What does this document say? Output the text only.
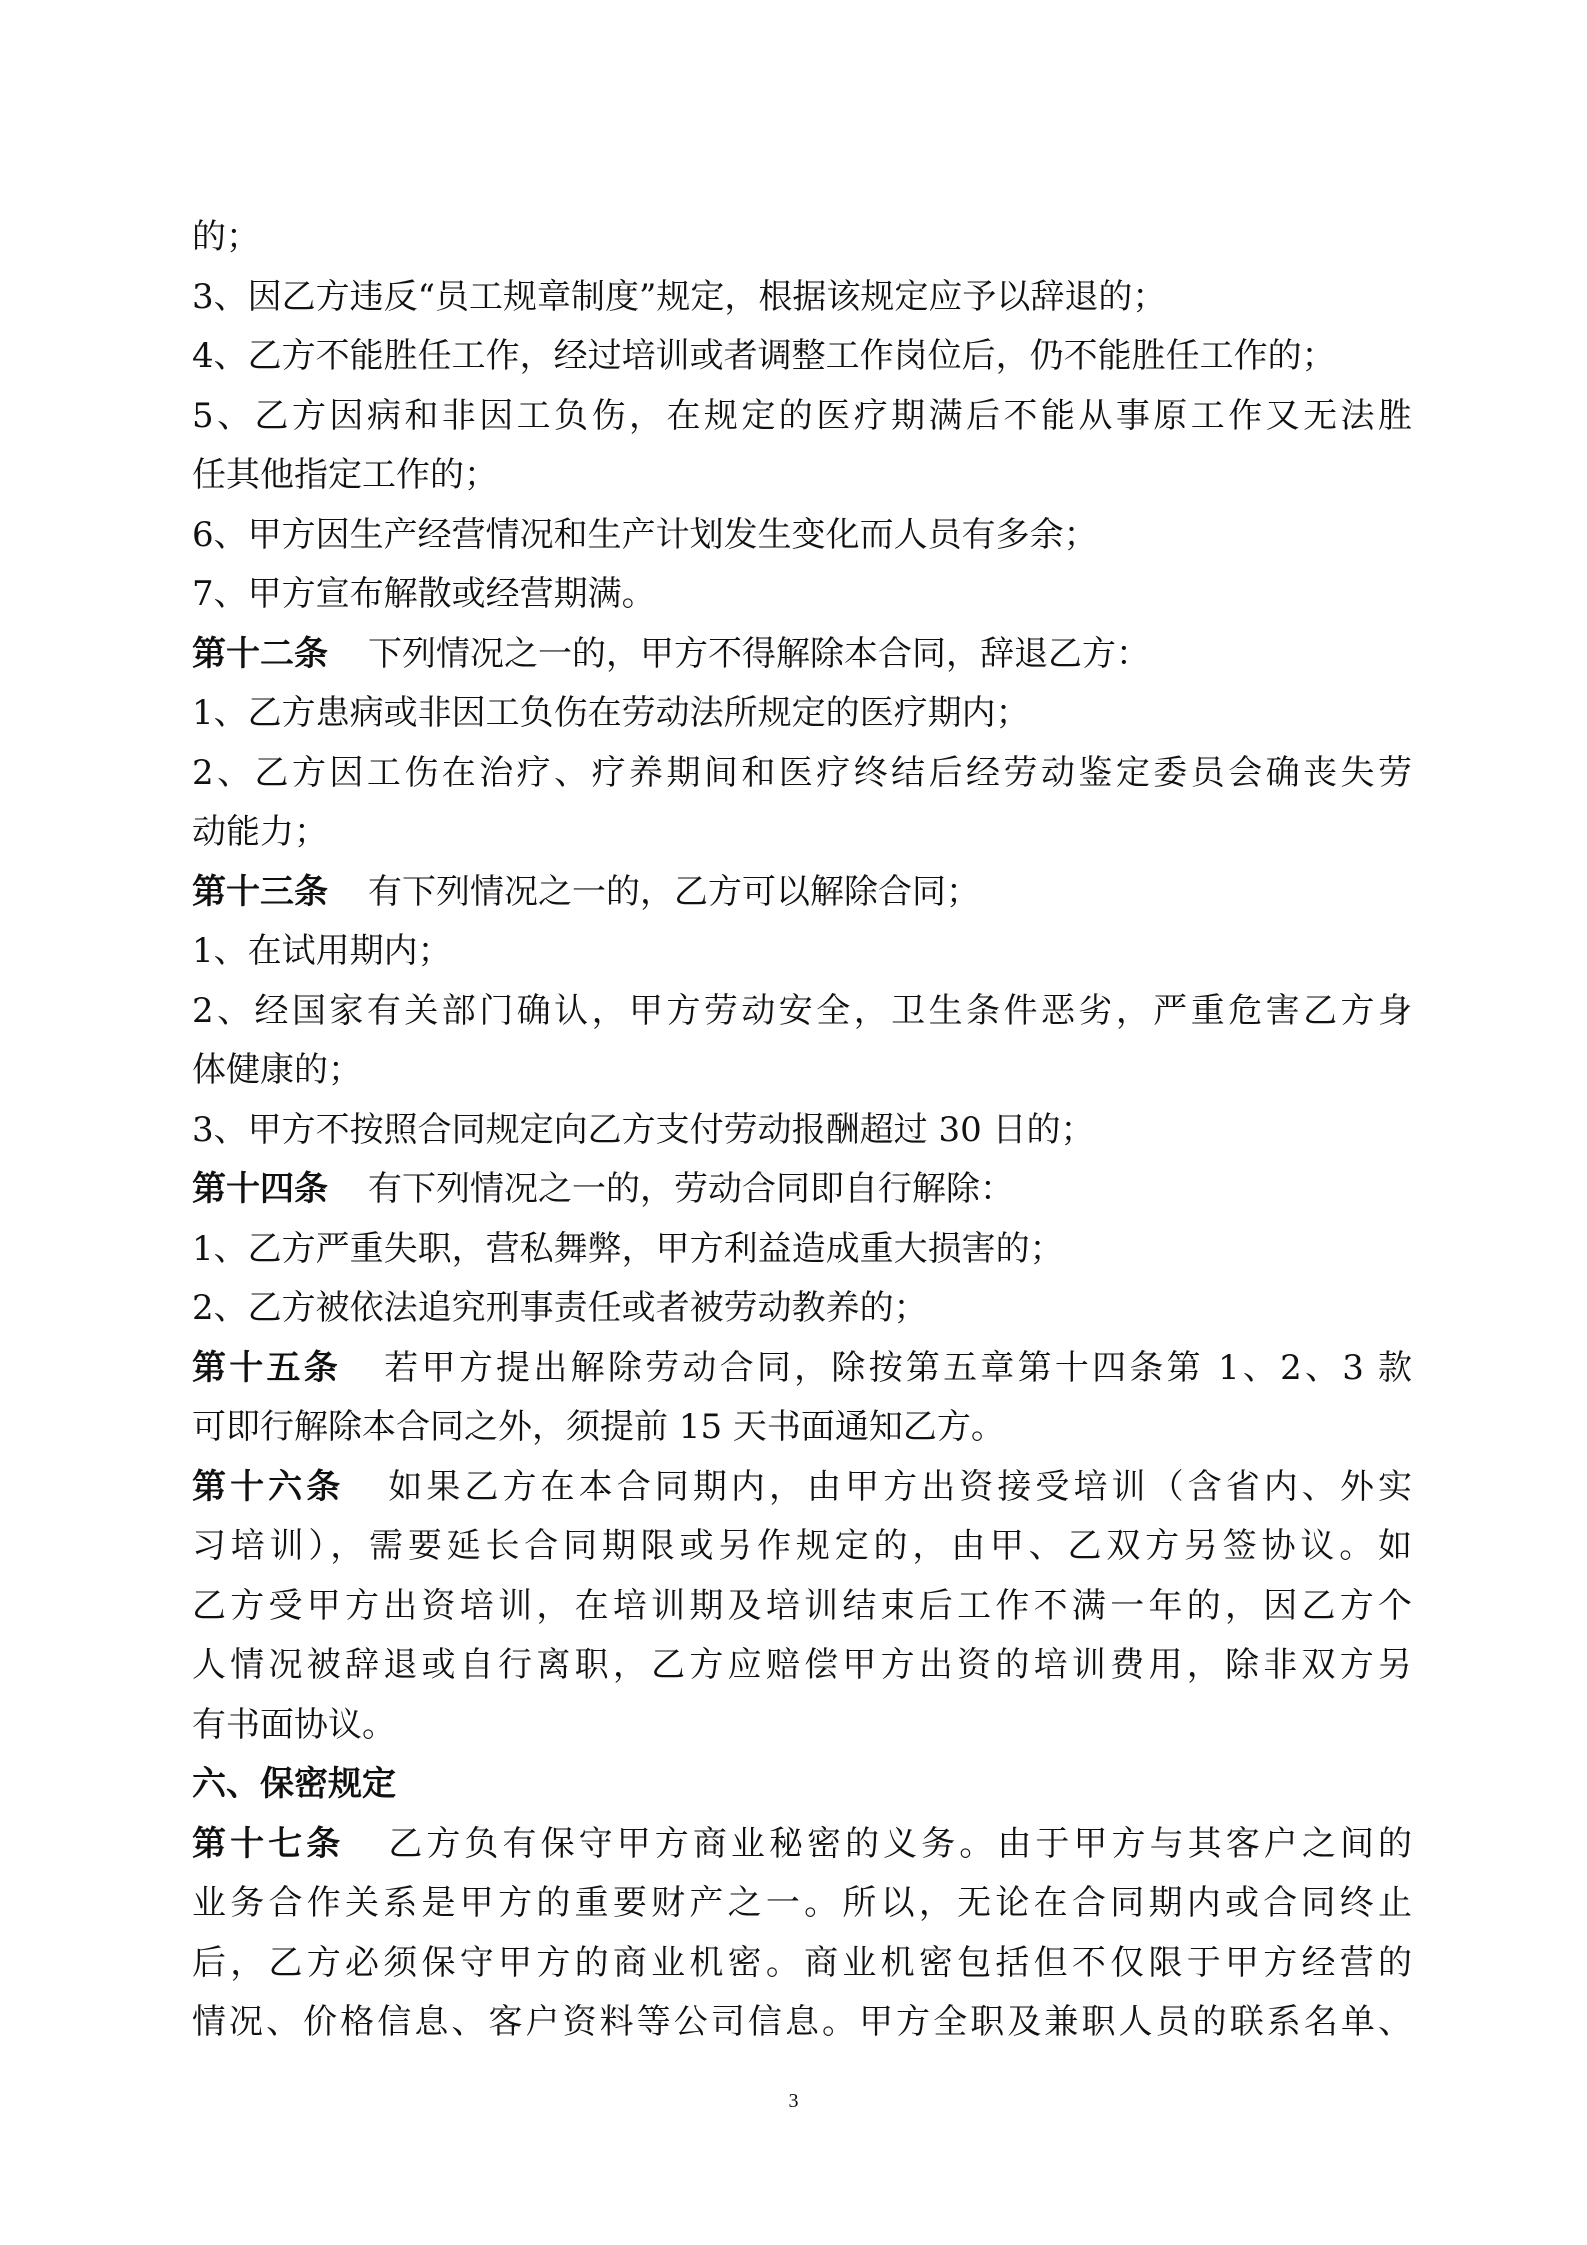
的；
3、因乙方违反“员工规章制度”规定，根据该规定应予以辞退的；
4、乙方不能胜任工作，经过培训或者调整工作岗位后，仍不能胜任工作的；
5、乙方因病和非因工负伤，在规定的医疗期满后不能从事原工作又无法胜
任其他指定工作的；
6、甲方因生产经营情况和生产计划发生变化而人员有多余；
7、甲方宣布解散或经营期满。
第十二条 下列情况之一的，甲方不得解除本合同，辞退乙方：
1、乙方患病或非因工负伤在劳动法所规定的医疗期内；
2、乙方因工伤在治疗、疗养期间和医疗终结后经劳动鉴定委员会确丧失劳
动能力；
第十三条 有下列情况之一的，乙方可以解除合同；
1、在试用期内；
2、经国家有关部门确认，甲方劳动安全，卫生条件恶劣，严重危害乙方身
体健康的；
3、甲方不按照合同规定向乙方支付劳动报酬超过 30 日的；
第十四条 有下列情况之一的，劳动合同即自行解除：
1、乙方严重失职，营私舞弊，甲方利益造成重大损害的；
2、乙方被依法追究刑事责任或者被劳动教养的；
第十五条 若甲方提出解除劳动合同，除按第五章第十四条第 1、2、3 款
可即行解除本合同之外，须提前 15 天书面通知乙方。
第十六条 如果乙方在本合同期内，由甲方出资接受培训（含省内、外实
习培训），需要延长合同期限或另作规定的，由甲、乙双方另签协议。如
乙方受甲方出资培训，在培训期及培训结束后工作不满一年的，因乙方个
人情况被辞退或自行离职，乙方应赔偿甲方出资的培训费用，除非双方另
有书面协议。
六、保密规定
第十七条 乙方负有保守甲方商业秘密的义务。由于甲方与其客户之间的
业务合作关系是甲方的重要财产之一。所以，无论在合同期内或合同终止
后，乙方必须保守甲方的商业机密。商业机密包括但不仅限于甲方经营的
情况、价格信息、客户资料等公司信息。甲方全职及兼职人员的联系名单、
3
